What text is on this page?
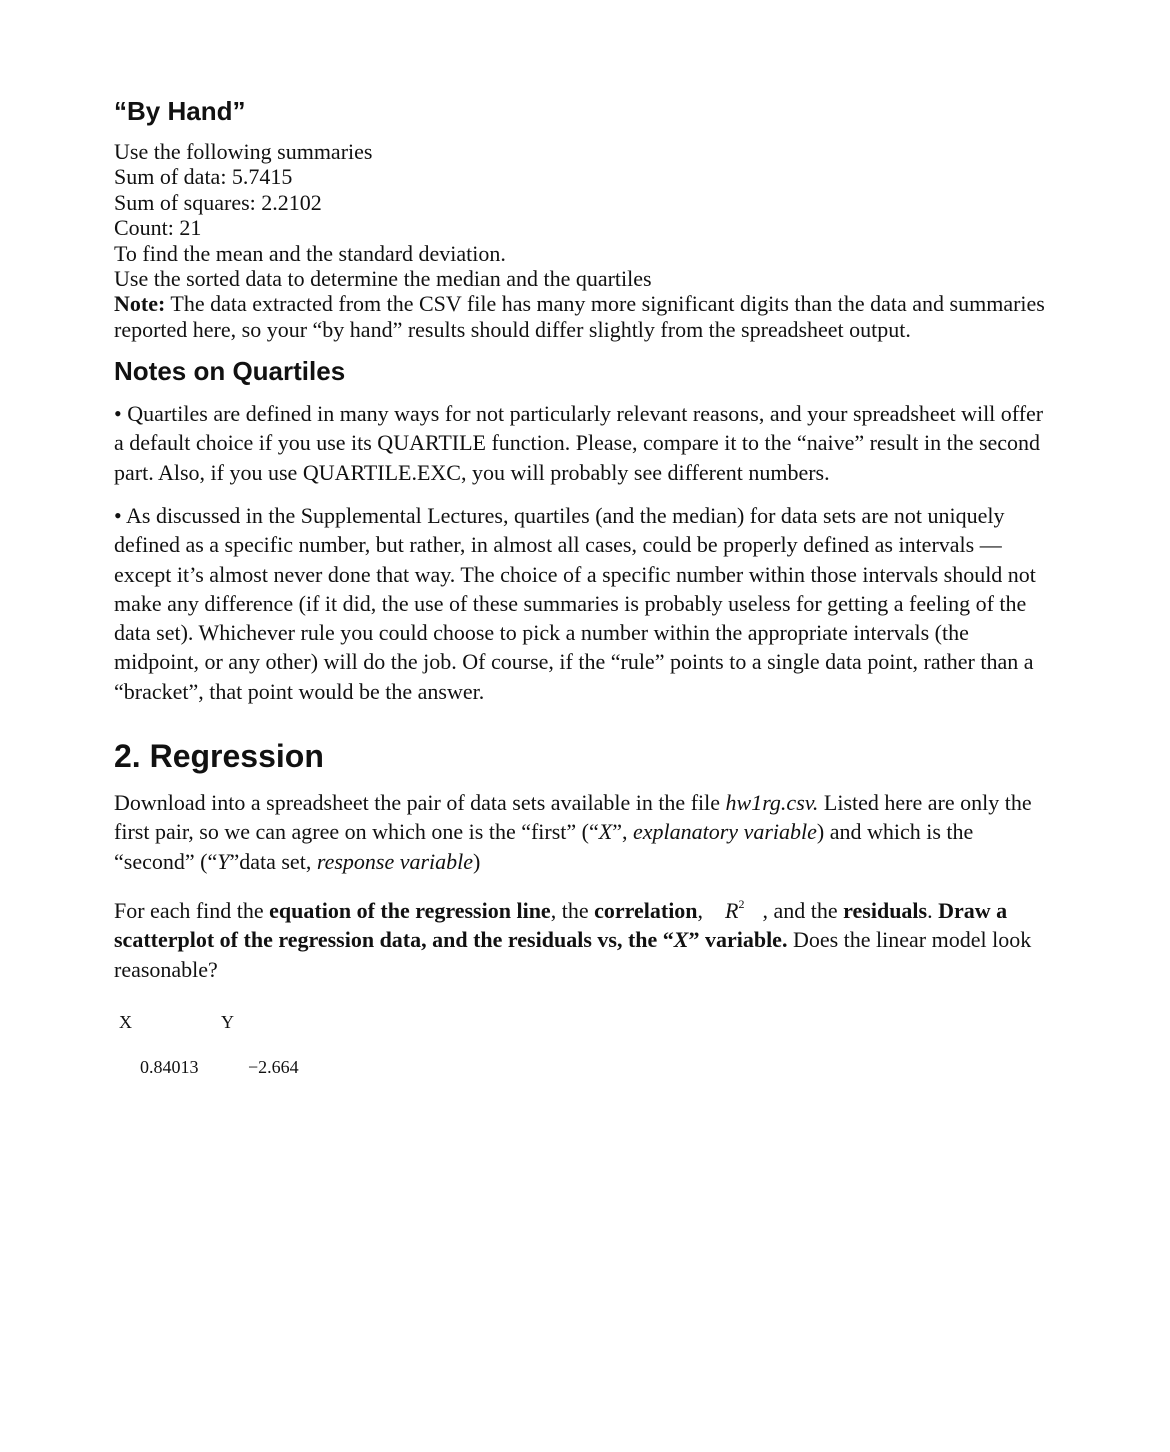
“By Hand”

Use the following summaries

Sum of data: 5.7415

Sum of squares: 2.2102

Count: 21

To find the mean and the standard deviation.

Use the sorted data to determine the median and the quartiles

Note: The data extracted from the CSV file has many more significant digits than the data and summaries reported here, so your “by hand” results should differ slightly from the spreadsheet output.

Notes on Quartiles

• Quartiles are defined in many ways for not particularly relevant reasons, and your spreadsheet will offer a default choice if you use its QUARTILE function. Please, compare it to the “naive” result in the second part. Also, if you use QUARTILE.EXC, you will probably see different numbers.

• As discussed in the Supplemental Lectures, quartiles (and the median) for data sets are not uniquely defined as a specific number, but rather, in almost all cases, could be properly defined as intervals — except it’s almost never done that way. The choice of a specific number within those intervals should not make any difference (if it did, the use of these summaries is probably useless for getting a feeling of the data set). Whichever rule you could choose to pick a number within the appropriate intervals (the midpoint, or any other) will do the job. Of course, if the “rule” points to a single data point, rather than a “bracket”, that point would be the answer.

2. Regression

Download into a spreadsheet the pair of data sets available in the file hw1rg.csv. Listed here are only the first pair, so we can agree on which one is the “first” (“X”, explanatory variable) and which is the “second” (“Y”data set, response variable)

For each find the equation of the regression line, the correlation, $R^2$ , and the residuals. Draw a scatterplot of the regression data, and the residuals vs, the “X” variable. Does the linear model look reasonable?

X	Y
0.84013	−2.664
